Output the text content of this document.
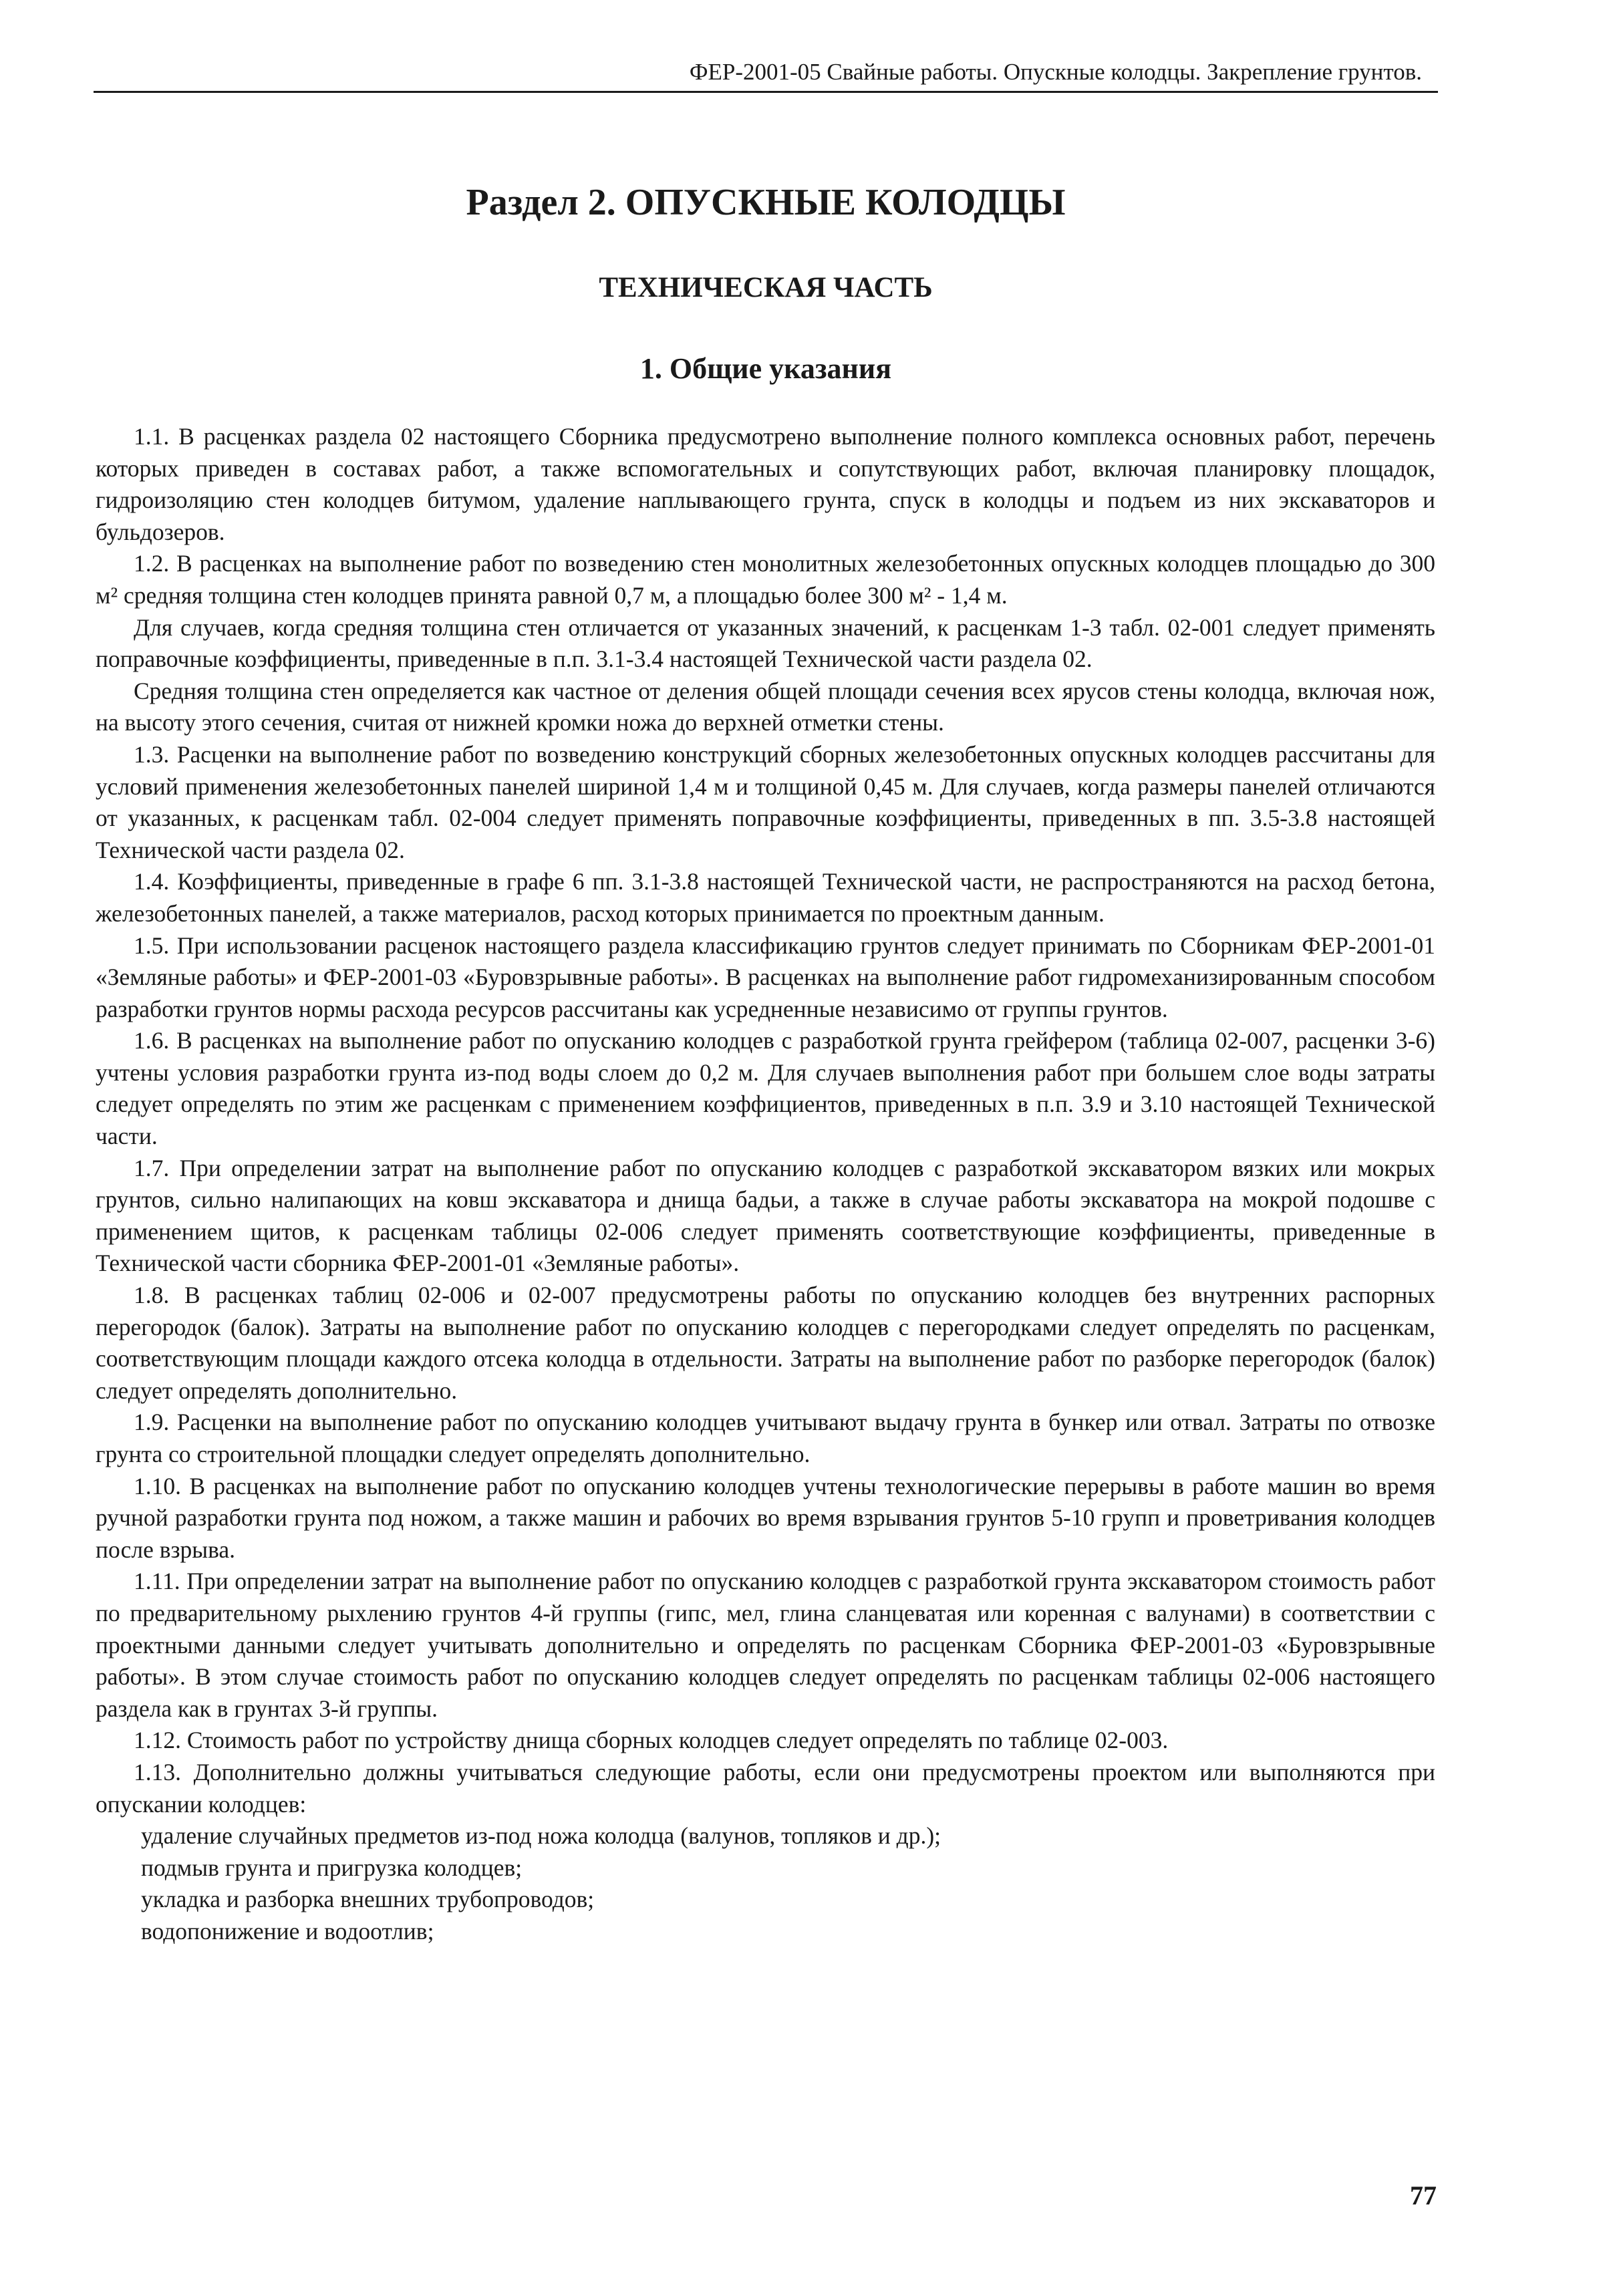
ФЕР-2001-05 Свайные работы. Опускные колодцы. Закрепление грунтов.
Раздел 2. ОПУСКНЫЕ КОЛОДЦЫ
ТЕХНИЧЕСКАЯ ЧАСТЬ
1. Общие указания

1.1. В расценках раздела 02 настоящего Сборника предусмотрено выполнение полного комплекса основных работ, перечень которых приведен в составах работ, а также вспомогательных и сопутствующих работ, включая планировку площадок, гидроизоляцию стен колодцев битумом, удаление наплывающего грунта, спуск в колодцы и подъем из них экскаваторов и бульдозеров.

1.2. В расценках на выполнение работ по возведению стен монолитных железобетонных опускных колодцев площадью до 300 м² средняя толщина стен колодцев принята равной 0,7 м, а площадью более 300 м² - 1,4 м.

Для случаев, когда средняя толщина стен отличается от указанных значений, к расценкам 1-3 табл. 02-001 следует применять поправочные коэффициенты, приведенные в п.п. 3.1-3.4 настоящей Технической части раздела 02.

Средняя толщина стен определяется как частное от деления общей площади сечения всех ярусов стены колодца, включая нож, на высоту этого сечения, считая от нижней кромки ножа до верхней отметки стены.

1.3. Расценки на выполнение работ по возведению конструкций сборных железобетонных опускных колодцев рассчитаны для условий применения железобетонных панелей шириной 1,4 м и толщиной 0,45 м. Для случаев, когда размеры панелей отличаются от указанных, к расценкам табл. 02-004 следует применять поправочные коэффициенты, приведенных в пп. 3.5-3.8 настоящей Технической части раздела 02.

1.4. Коэффициенты, приведенные в графе 6 пп. 3.1-3.8 настоящей Технической части, не распространяются на расход бетона, железобетонных панелей, а также материалов, расход которых принимается по проектным данным.

1.5. При использовании расценок настоящего раздела классификацию грунтов следует принимать по Сборникам ФЕР-2001-01 «Земляные работы» и ФЕР-2001-03 «Буровзрывные работы». В расценках на выполнение работ гидромеханизированным способом разработки грунтов нормы расхода ресурсов рассчитаны как усредненные независимо от группы грунтов.

1.6. В расценках на выполнение работ по опусканию колодцев с разработкой грунта грейфером (таблица 02-007, расценки 3-6) учтены условия разработки грунта из-под воды слоем до 0,2 м. Для случаев выполнения работ при большем слое воды затраты следует определять по этим же расценкам с применением коэффициентов, приведенных в п.п. 3.9 и 3.10 настоящей Технической части.

1.7. При определении затрат на выполнение работ по опусканию колодцев с разработкой экскаватором вязких или мокрых грунтов, сильно налипающих на ковш экскаватора и днища бадьи, а также в случае работы экскаватора на мокрой подошве с применением щитов, к расценкам таблицы 02-006 следует применять соответствующие коэффициенты, приведенные в Технической части сборника ФЕР-2001-01 «Земляные работы».

1.8. В расценках таблиц 02-006 и 02-007 предусмотрены работы по опусканию колодцев без внутренних распорных перегородок (балок). Затраты на выполнение работ по опусканию колодцев с перегородками следует определять по расценкам, соответствующим площади каждого отсека колодца в отдельности. Затраты на выполнение работ по разборке перегородок (балок) следует определять дополнительно.

1.9. Расценки на выполнение работ по опусканию колодцев учитывают выдачу грунта в бункер или отвал. Затраты по отвозке грунта со строительной площадки следует определять дополнительно.

1.10. В расценках на выполнение работ по опусканию колодцев учтены технологические перерывы в работе машин во время ручной разработки грунта под ножом, а также машин и рабочих во время взрывания грунтов 5-10 групп и проветривания колодцев после взрыва.

1.11. При определении затрат на выполнение работ по опусканию колодцев с разработкой грунта экскаватором стоимость работ по предварительному рыхлению грунтов 4-й группы (гипс, мел, глина сланцеватая или коренная с валунами) в соответствии с проектными данными следует учитывать дополнительно и определять по расценкам Сборника ФЕР-2001-03 «Буровзрывные работы». В этом случае стоимость работ по опусканию колодцев следует определять по расценкам таблицы 02-006 настоящего раздела как в грунтах 3-й группы.

1.12. Стоимость работ по устройству днища сборных колодцев следует определять по таблице 02-003.

1.13. Дополнительно должны учитываться следующие работы, если они предусмотрены проектом или выполняются при опускании колодцев:

удаление случайных предметов из-под ножа колодца (валунов, топляков и др.);

подмыв грунта и пригрузка колодцев;

укладка и разборка внешних трубопроводов;

водопонижение и водоотлив;

77
